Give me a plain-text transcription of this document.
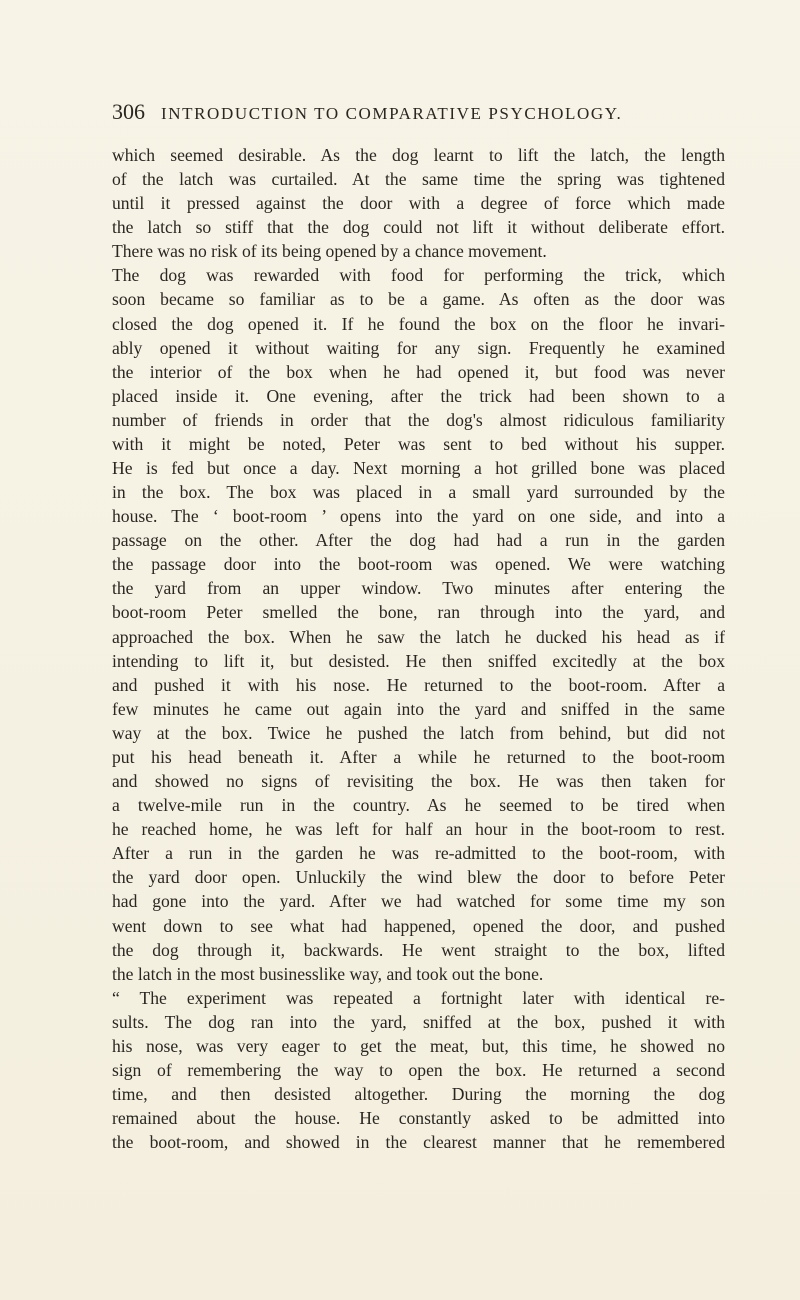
306 INTRODUCTION TO COMPARATIVE PSYCHOLOGY.
which seemed desirable. As the dog learnt to lift the latch, the length
of the latch was curtailed. At the same time the spring was tightened
until it pressed against the door with a degree of force which made
the latch so stiff that the dog could not lift it without deliberate effort.
There was no risk of its being opened by a chance movement.
The dog was rewarded with food for performing the trick, which
soon became so familiar as to be a game. As often as the door was
closed the dog opened it. If he found the box on the floor he invari-
ably opened it without waiting for any sign. Frequently he examined
the interior of the box when he had opened it, but food was never
placed inside it. One evening, after the trick had been shown to a
number of friends in order that the dog's almost ridiculous familiarity
with it might be noted, Peter was sent to bed without his supper.
He is fed but once a day. Next morning a hot grilled bone was placed
in the box. The box was placed in a small yard surrounded by the
house. The ‘ boot-room ’ opens into the yard on one side, and into a
passage on the other. After the dog had had a run in the garden
the passage door into the boot-room was opened. We were watching
the yard from an upper window. Two minutes after entering the
boot-room Peter smelled the bone, ran through into the yard, and
approached the box. When he saw the latch he ducked his head as if
intending to lift it, but desisted. He then sniffed excitedly at the box
and pushed it with his nose. He returned to the boot-room. After a
few minutes he came out again into the yard and sniffed in the same
way at the box. Twice he pushed the latch from behind, but did not
put his head beneath it. After a while he returned to the boot-room
and showed no signs of revisiting the box. He was then taken for
a twelve-mile run in the country. As he seemed to be tired when
he reached home, he was left for half an hour in the boot-room to rest.
After a run in the garden he was re-admitted to the boot-room, with
the yard door open. Unluckily the wind blew the door to before Peter
had gone into the yard. After we had watched for some time my son
went down to see what had happened, opened the door, and pushed
the dog through it, backwards. He went straight to the box, lifted
the latch in the most businesslike way, and took out the bone.
“ The experiment was repeated a fortnight later with identical re-
sults. The dog ran into the yard, sniffed at the box, pushed it with
his nose, was very eager to get the meat, but, this time, he showed no
sign of remembering the way to open the box. He returned a second
time, and then desisted altogether. During the morning the dog
remained about the house. He constantly asked to be admitted into
the boot-room, and showed in the clearest manner that he remembered
